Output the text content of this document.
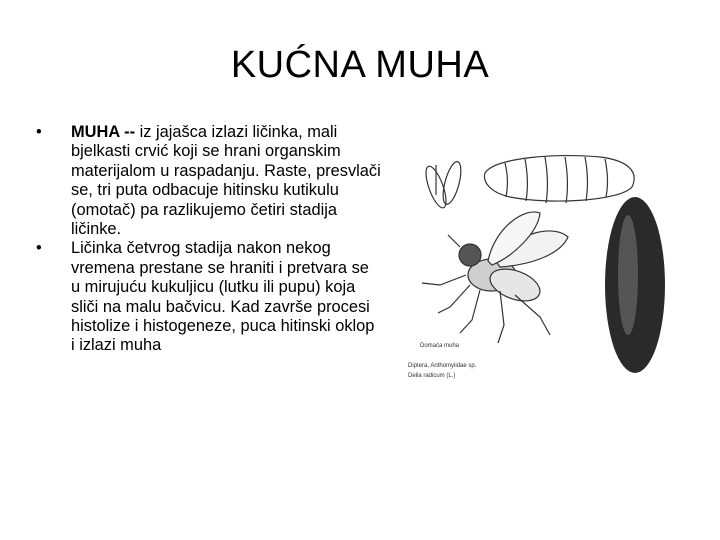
KUĆNA MUHA
•
MUHA -- iz jajašca izlazi ličinka, mali bjelkasti crvić koji se hrani organskim materijalom u raspadanju. Raste, presvlači se, tri puta odbacuje hitinsku kutikulu (omotač) pa razlikujemo četiri stadija ličinke.
•
Ličinka četvrog stadija nakon nekog vremena prestane se hraniti i pretvara se u mirujuću kukuljicu (lutku ili pupu) koja sliči na malu bačvicu. Kad završe procesi histolize i histogeneze, puca hitinski oklop i izlazi muha	Domaća muha
Diptera, Anthomyiidae sp.
Delia radicum (L.)
